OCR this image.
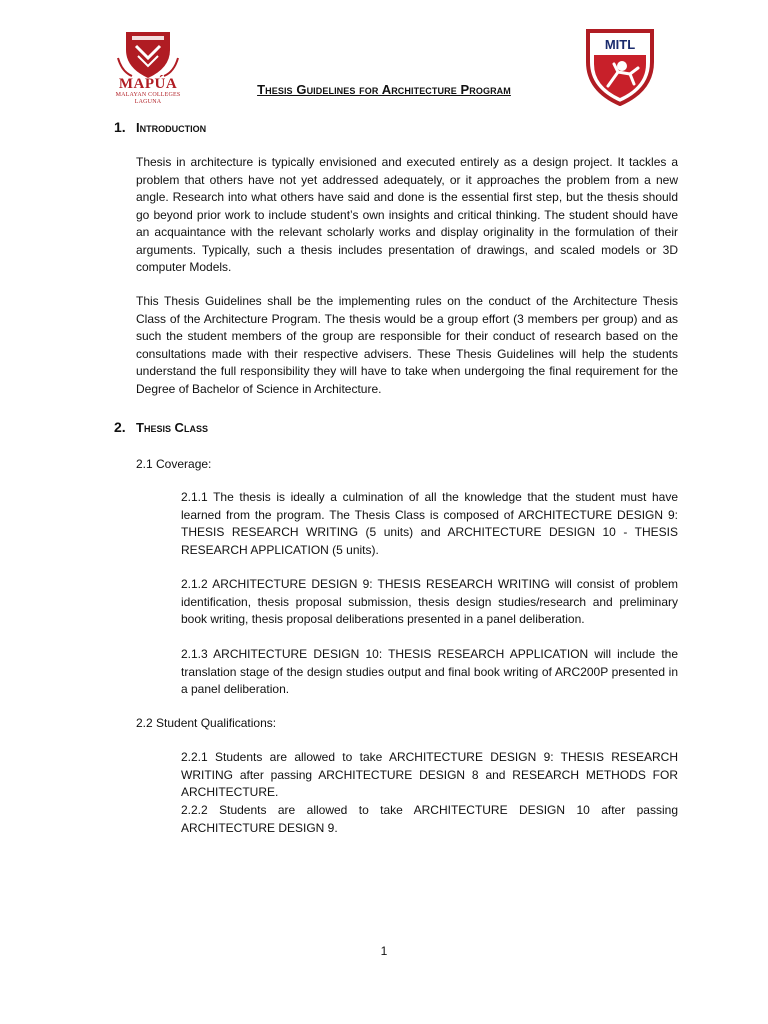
MAPÚA
MALAYAN COLLEGES
LAGUNA
MITL
Thesis Guidelines for Architecture Program
1. Introduction

Thesis in architecture is typically envisioned and executed entirely as a design project. It tackles a problem that others have not yet addressed adequately, or it approaches the problem from a new angle. Research into what others have said and done is the essential first step, but the thesis should go beyond prior work to include student’s own insights and critical thinking. The student should have an acquaintance with the relevant scholarly works and display originality in the formulation of their arguments. Typically, such a thesis includes presentation of drawings, and scaled models or 3D computer Models.

This Thesis Guidelines shall be the implementing rules on the conduct of the Architecture Thesis Class of the Architecture Program. The thesis would be a group effort (3 members per group) and as such the student members of the group are responsible for their conduct of research based on the consultations made with their respective advisers. These Thesis Guidelines will help the students understand the full responsibility they will have to take when undergoing the final requirement for the Degree of Bachelor of Science in Architecture.

2. Thesis Class
2.1 Coverage:

2.1.1 The thesis is ideally a culmination of all the knowledge that the student must have learned from the program. The Thesis Class is composed of ARCHITECTURE DESIGN 9: THESIS RESEARCH WRITING (5 units) and ARCHITECTURE DESIGN 10 - THESIS RESEARCH APPLICATION (5 units).

2.1.2 ARCHITECTURE DESIGN 9: THESIS RESEARCH WRITING will consist of problem identification, thesis proposal submission, thesis design studies/research and preliminary book writing, thesis proposal deliberations presented in a panel deliberation.

2.1.3 ARCHITECTURE DESIGN 10: THESIS RESEARCH APPLICATION will include the translation stage of the design studies output and final book writing of ARC200P presented in a panel deliberation.

2.2 Student Qualifications:

2.2.1 Students are allowed to take ARCHITECTURE DESIGN 9: THESIS RESEARCH WRITING after passing ARCHITECTURE DESIGN 8 and RESEARCH METHODS FOR ARCHITECTURE.

2.2.2 Students are allowed to take ARCHITECTURE DESIGN 10 after passing ARCHITECTURE DESIGN 9.

1
